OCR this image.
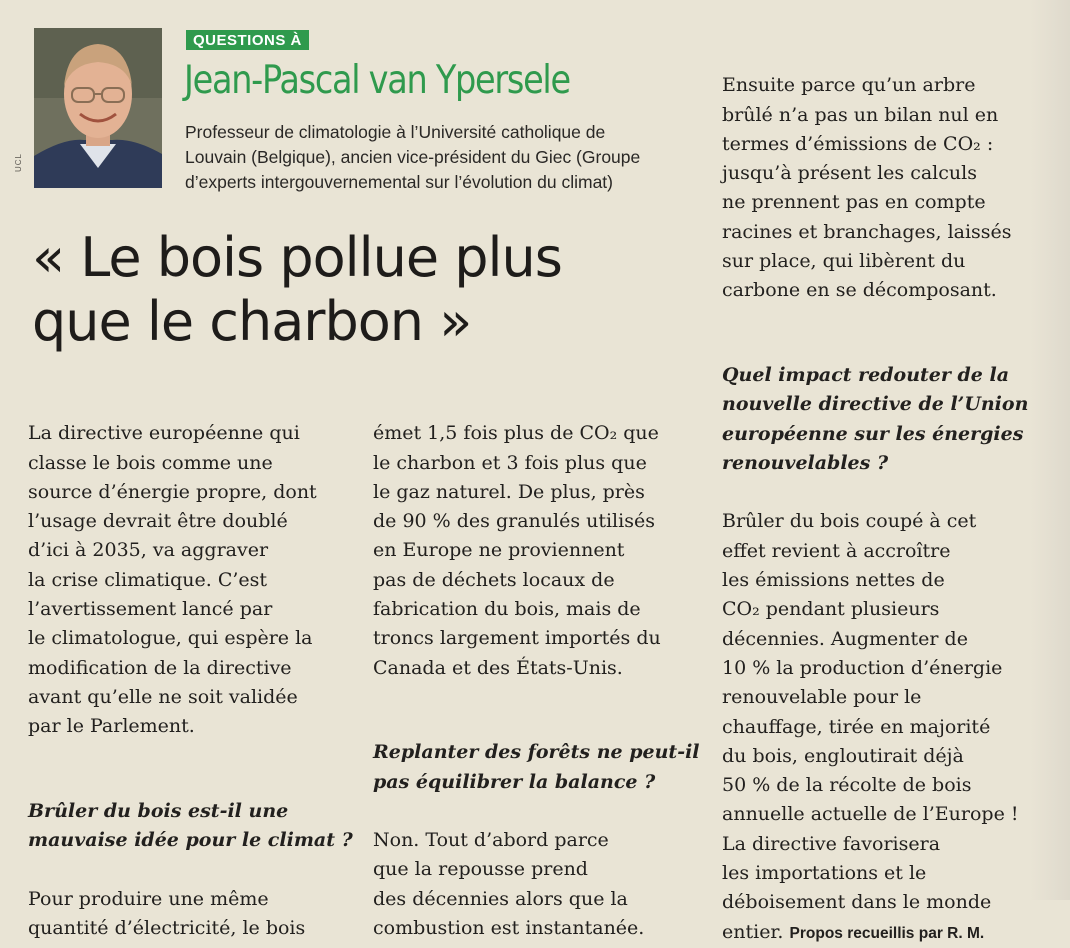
UCL
QUESTIONS À
Jean-Pascal van Ypersele
Professeur de climatologie à l’Université catholique de
Louvain (Belgique), ancien vice-président du Giec (Groupe
d’experts intergouvernemental sur l’évolution du climat)
« Le bois pollue plus
que le charbon »

La directive européenne qui
classe le bois comme une
source d’énergie propre, dont
l’usage devrait être doublé
d’ici à 2035, va aggraver
la crise climatique. C’est
l’avertissement lancé par
le climatologue, qui espère la
modification de la directive
avant qu’elle ne soit validée
par le Parlement.

Brûler du bois est-il une
mauvaise idée pour le climat ?

Pour produire une même
quantité d’électricité, le bois

émet 1,5 fois plus de CO₂ que
le charbon et 3 fois plus que
le gaz naturel. De plus, près
de 90 % des granulés utilisés
en Europe ne proviennent
pas de déchets locaux de
fabrication du bois, mais de
troncs largement importés du
Canada et des États-Unis.

Replanter des forêts ne peut-il
pas équilibrer la balance ?

Non. Tout d’abord parce
que la repousse prend
des décennies alors que la
combustion est instantanée.

Ensuite parce qu’un arbre
brûlé n’a pas un bilan nul en
termes d’émissions de CO₂ :
jusqu’à présent les calculs
ne prennent pas en compte
racines et branchages, laissés
sur place, qui libèrent du
carbone en se décomposant.

Quel impact redouter de la
nouvelle directive de l’Union
européenne sur les énergies
renouvelables ?

Brûler du bois coupé à cet
effet revient à accroître
les émissions nettes de
CO₂ pendant plusieurs
décennies. Augmenter de
10 % la production d’énergie
renouvelable pour le
chauffage, tirée en majorité
du bois, engloutirait déjà
50 % de la récolte de bois
annuelle actuelle de l’Europe !
La directive favorisera
les importations et le
déboisement dans le monde
entier. Propos recueillis par R. M.
